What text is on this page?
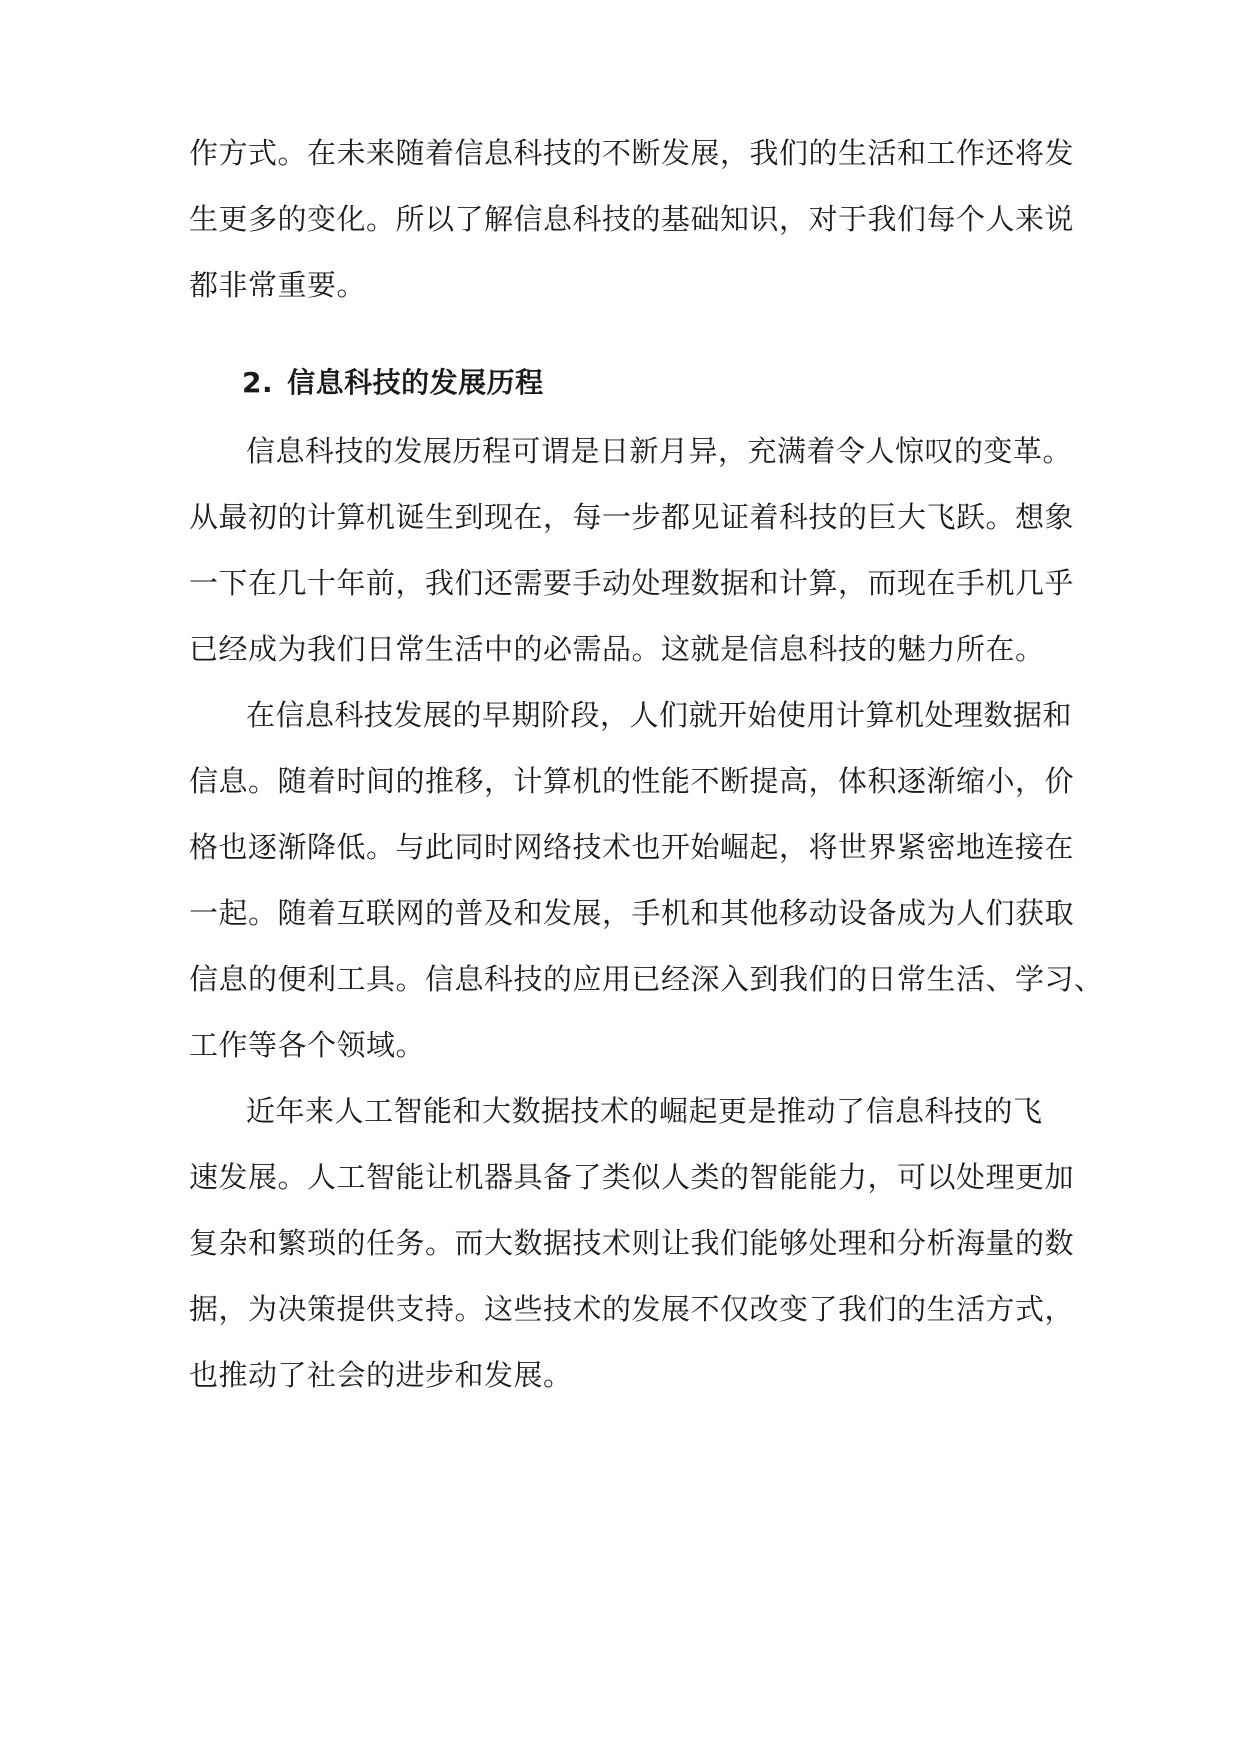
作方式。在未来随着信息科技的不断发展，我们的生活和工作还将发

生更多的变化。所以了解信息科技的基础知识，对于我们每个人来说

都非常重要。

2. 信息科技的发展历程

信息科技的发展历程可谓是日新月异，充满着令人惊叹的变革。

从最初的计算机诞生到现在，每一步都见证着科技的巨大飞跃。想象

一下在几十年前，我们还需要手动处理数据和计算，而现在手机几乎

已经成为我们日常生活中的必需品。这就是信息科技的魅力所在。

在信息科技发展的早期阶段，人们就开始使用计算机处理数据和

信息。随着时间的推移，计算机的性能不断提高，体积逐渐缩小，价

格也逐渐降低。与此同时网络技术也开始崛起，将世界紧密地连接在

一起。随着互联网的普及和发展，手机和其他移动设备成为人们获取

信息的便利工具。信息科技的应用已经深入到我们的日常生活、学习、

工作等各个领域。

近年来人工智能和大数据技术的崛起更是推动了信息科技的飞

速发展。人工智能让机器具备了类似人类的智能能力，可以处理更加

复杂和繁琐的任务。而大数据技术则让我们能够处理和分析海量的数

据，为决策提供支持。这些技术的发展不仅改变了我们的生活方式，

也推动了社会的进步和发展。
